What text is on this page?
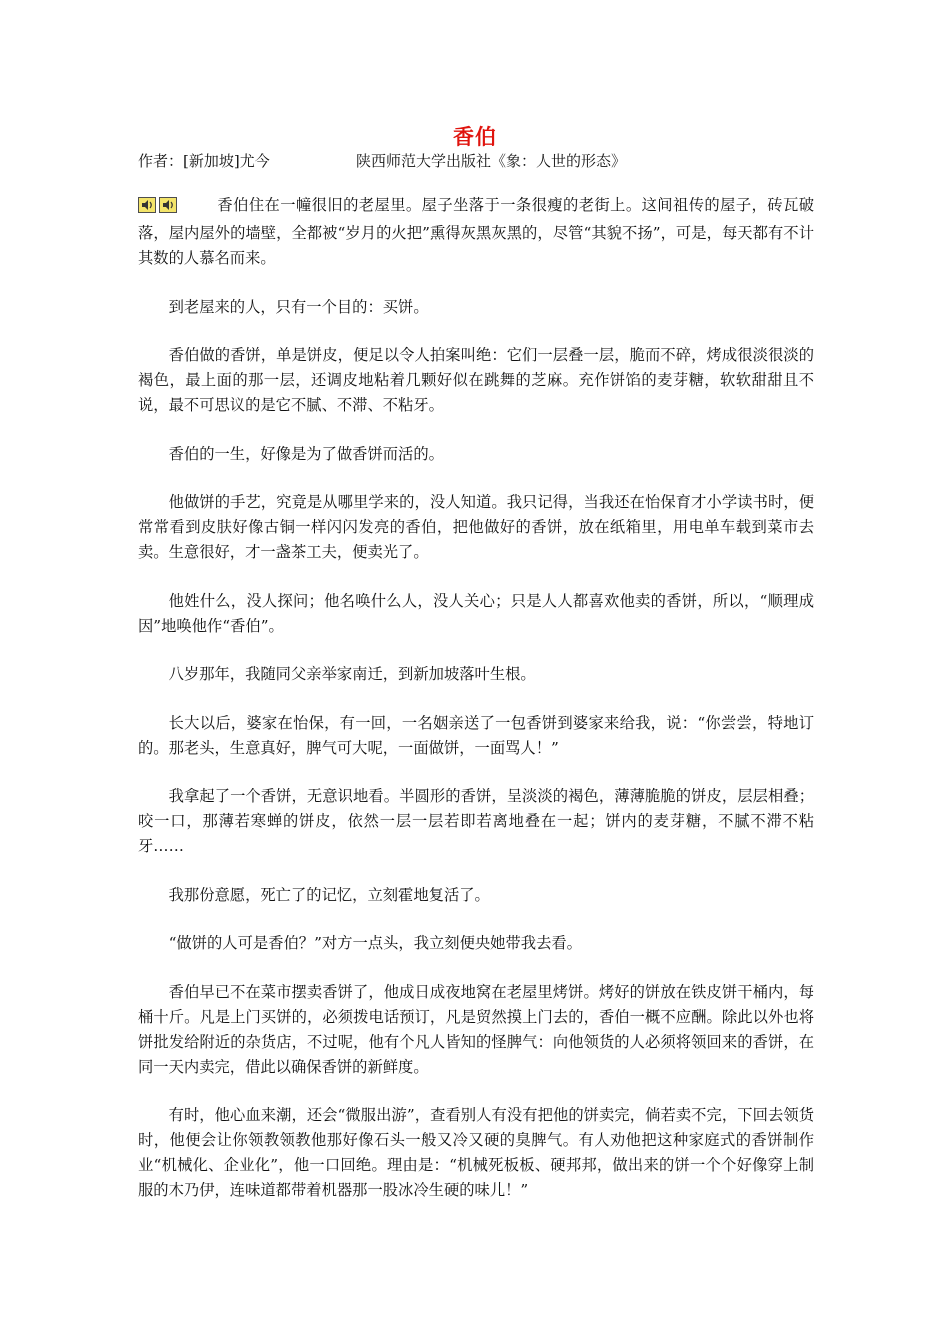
香伯
作者：[新加坡]尤今	陕西师范大学出版社《象：人世的形态》

香伯住在一幢很旧的老屋里。屋子坐落于一条很瘦的老街上。这间祖传的屋子，砖瓦破落，屋内屋外的墙壁，全都被“岁月的火把”熏得灰黑灰黑的，尽管“其貌不扬”，可是，每天都有不计其数的人慕名而来。

到老屋来的人，只有一个目的：买饼。

香伯做的香饼，单是饼皮，便足以令人拍案叫绝：它们一层叠一层，脆而不碎，烤成很淡很淡的褐色，最上面的那一层，还调皮地粘着几颗好似在跳舞的芝麻。充作饼馅的麦芽糖，软软甜甜且不说，最不可思议的是它不腻、不滞、不粘牙。

香伯的一生，好像是为了做香饼而活的。

他做饼的手艺，究竟是从哪里学来的，没人知道。我只记得，当我还在怡保育才小学读书时，便常常看到皮肤好像古铜一样闪闪发亮的香伯，把他做好的香饼，放在纸箱里，用电单车载到菜市去卖。生意很好，才一盏茶工夫，便卖光了。

他姓什么，没人探问；他名唤什么人，没人关心；只是人人都喜欢他卖的香饼，所以，“顺理成因”地唤他作“香伯”。

八岁那年，我随同父亲举家南迁，到新加坡落叶生根。

长大以后，婆家在怡保，有一回，一名姻亲送了一包香饼到婆家来给我，说：“你尝尝，特地订的。那老头，生意真好，脾气可大呢，一面做饼，一面骂人！”

我拿起了一个香饼，无意识地看。半圆形的香饼，呈淡淡的褐色，薄薄脆脆的饼皮，层层相叠；咬一口，那薄若寒蝉的饼皮，依然一层一层若即若离地叠在一起；饼内的麦芽糖，不腻不滞不粘牙……

我那份意愿，死亡了的记忆，立刻霍地复活了。

“做饼的人可是香伯？”对方一点头，我立刻便央她带我去看。

香伯早已不在菜市摆卖香饼了，他成日成夜地窝在老屋里烤饼。烤好的饼放在铁皮饼干桶内，每桶十斤。凡是上门买饼的，必须拨电话预订，凡是贸然摸上门去的，香伯一概不应酬。除此以外也将饼批发给附近的杂货店，不过呢，他有个凡人皆知的怪脾气：向他领货的人必须将领回来的香饼，在同一天内卖完，借此以确保香饼的新鲜度。

有时，他心血来潮，还会“微服出游”，查看别人有没有把他的饼卖完，倘若卖不完，下回去领货时，他便会让你领教领教他那好像石头一般又冷又硬的臭脾气。有人劝他把这种家庭式的香饼制作业“机械化、企业化”，他一口回绝。理由是：“机械死板板、硬邦邦，做出来的饼一个个好像穿上制服的木乃伊，连味道都带着机器那一股冰冷生硬的味儿！”
